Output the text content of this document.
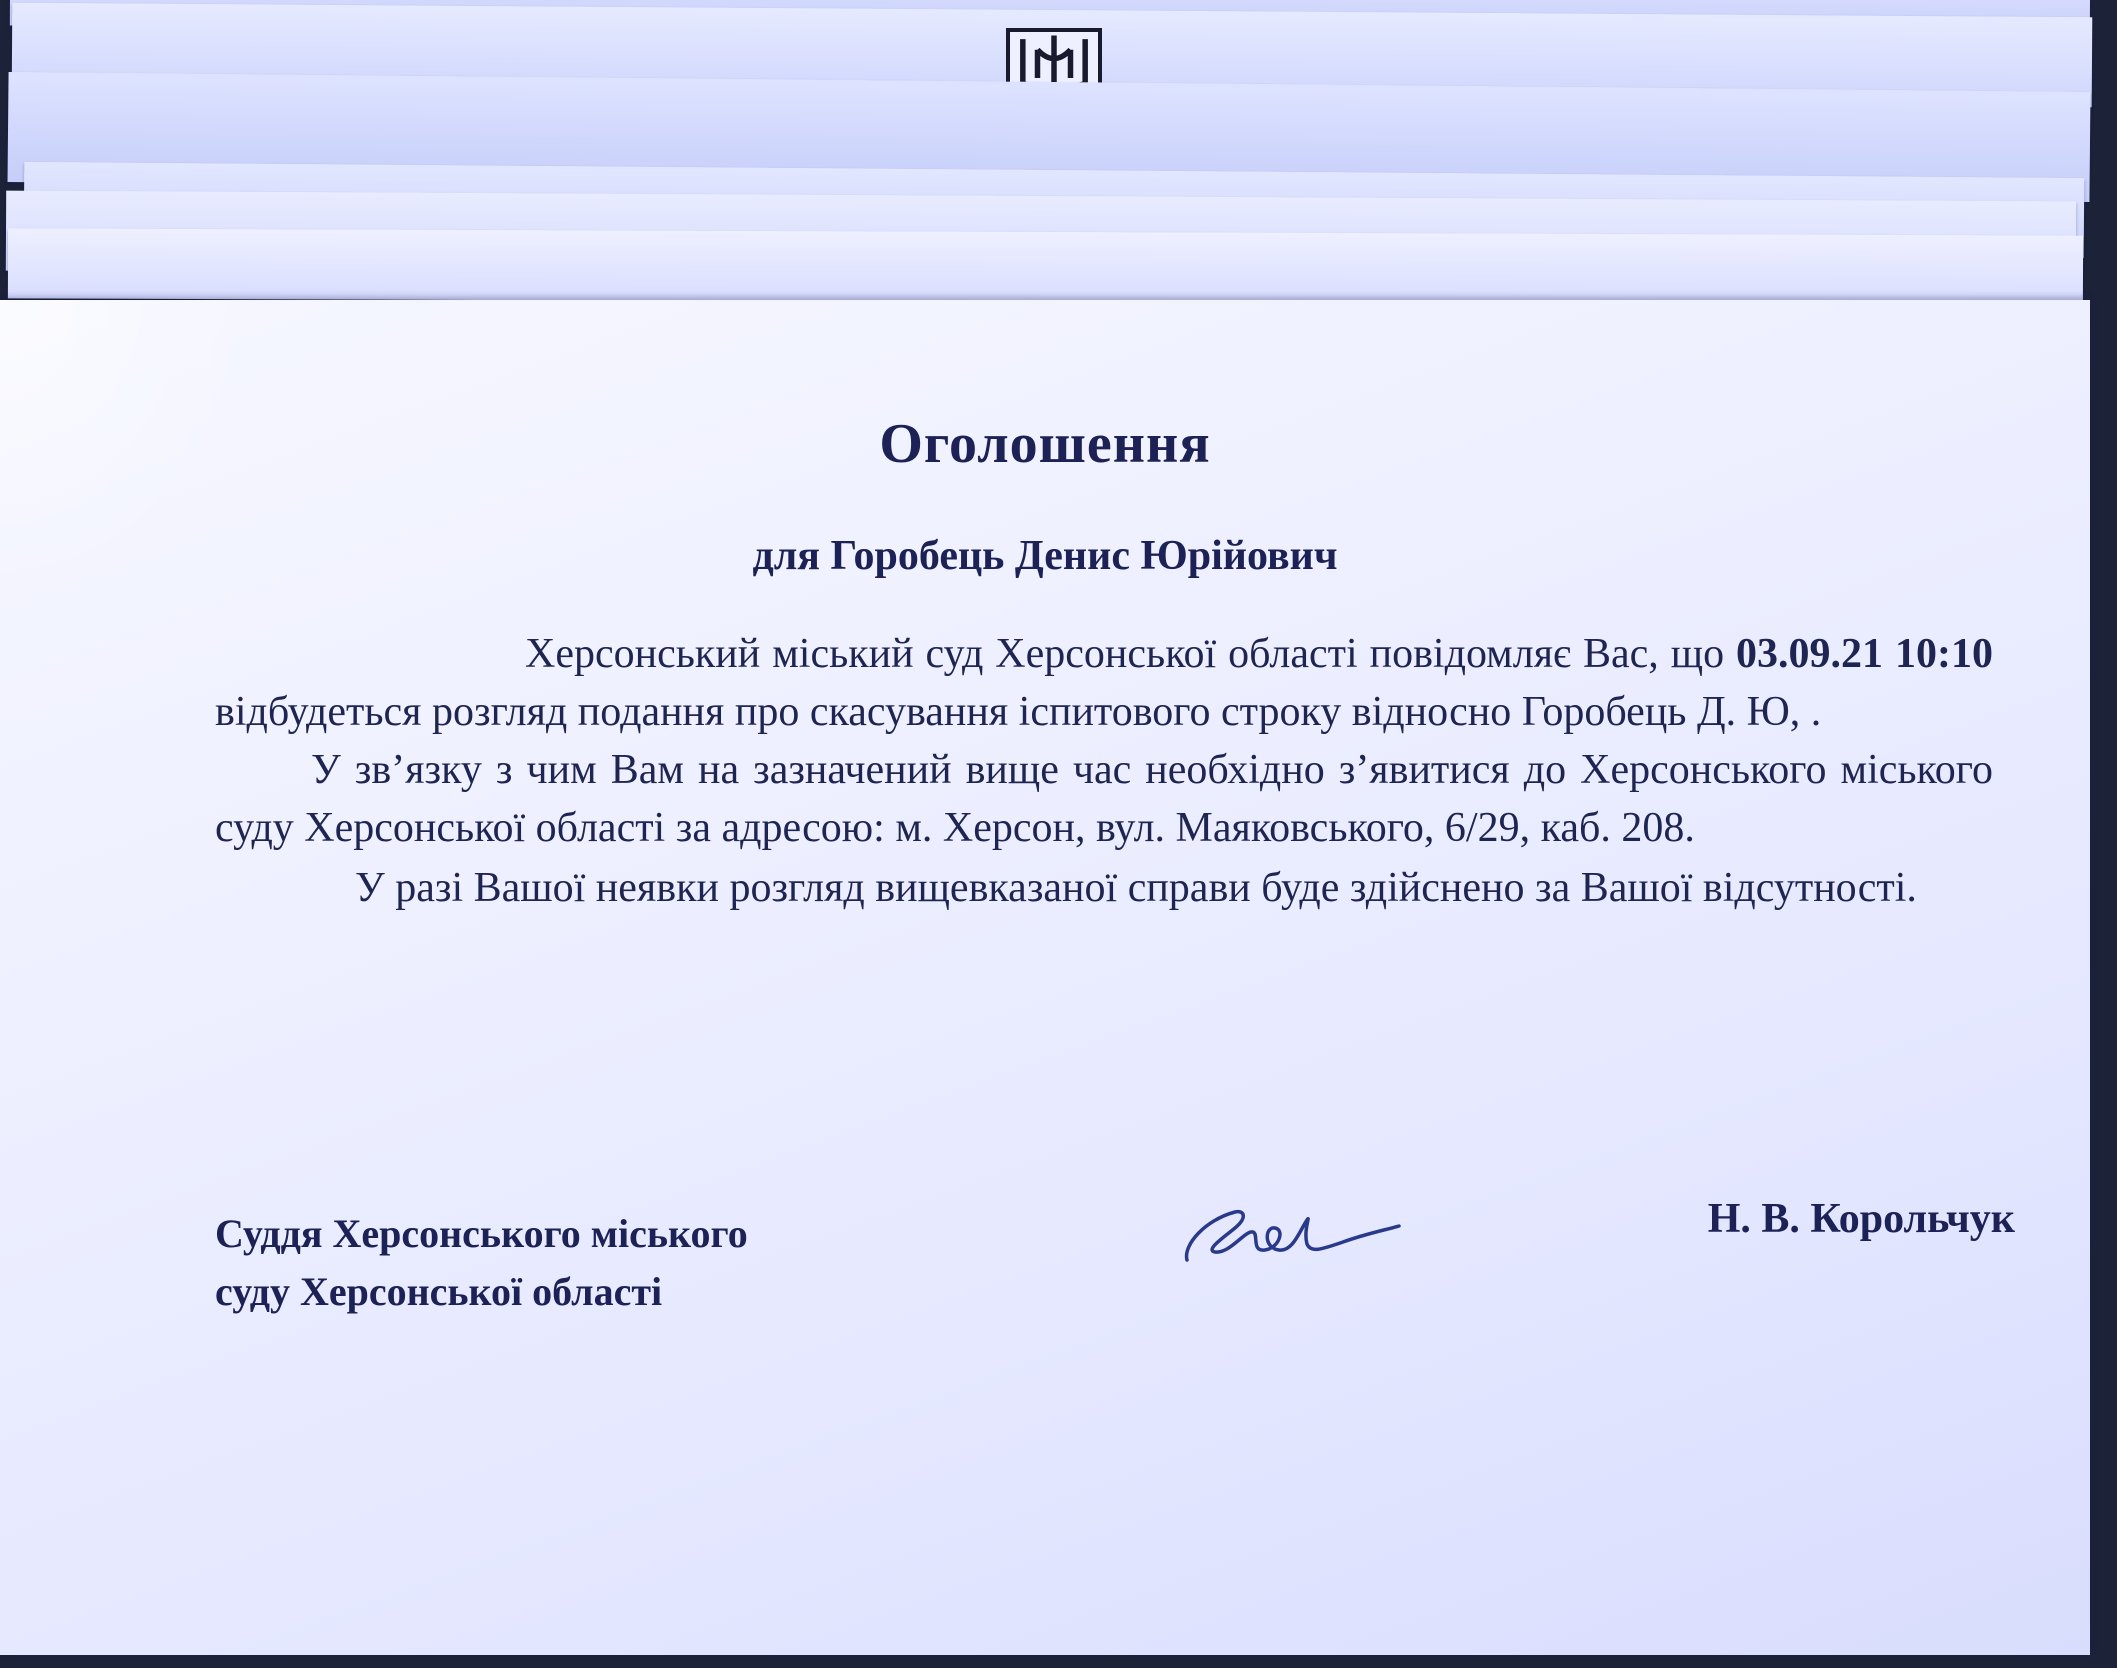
Оголошення
для Горобець Денис Юрійович

Херсонський міський суд Херсонської області повідомляє Вас, що 03.09.21 10:10 відбудеться розгляд подання про скасування іспитового строку відносно Горобець Д. Ю, .

У зв’язку з чим Вам на зазначений вище час необхідно з’явитися до Херсонського міського суду Херсонської області за адресою: м. Херсон, вул. Маяковського, 6/29, каб. 208.

У разі Вашої неявки розгляд вищевказаної справи буде здійснено за Вашої відсутності.

Суддя Херсонського міського
суду Херсонської області
Н. В. Корольчук
